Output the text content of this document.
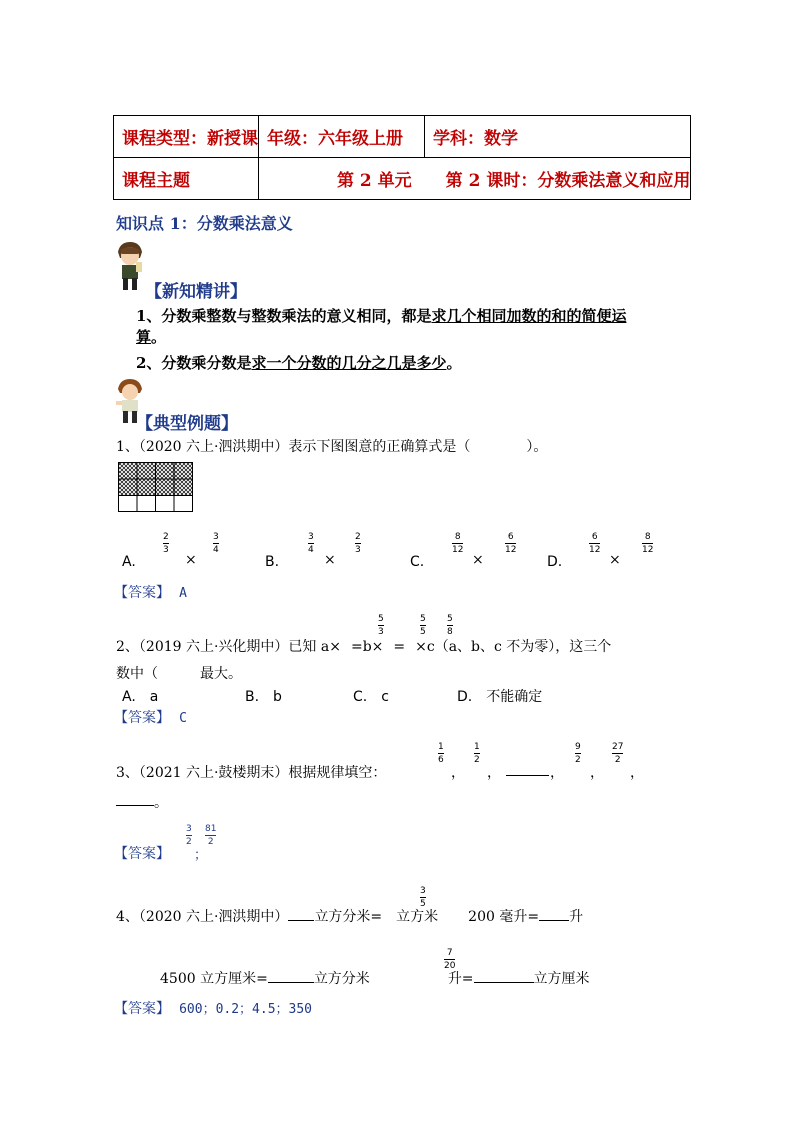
课程类型：新授课	年级：六年级上册	学科：数学
课程主题	第 2 单元　　第 2 课时：分数乘法意义和应用	
知识点 1：分数乘法意义
【新知精讲】
1、分数乘整数与整数乘法的意义相同，都是求几个相同加数的和的简便运
算。
2、分数乘分数是求一个分数的几分之几是多少。
【典型例题】
1、（2020 六上·泗洪期中）表示下图图意的正确算式是（　　　　）。
A.
2
3
×
3
4
B.
3
4
×
2
3
C.
8
12
×
6
12
D.
6
12
×
8
12
【答案】 A
2、（2019 六上·兴化期中）已知 a× =b× = ×c（a、b、c 不为零），这三个
5
3
5
5
5
8
数中（　　　最大。
A.　a	B.　b	C.　c	D.　不能确定
【答案】 C
3、（2021 六上·鼓楼期末）根据规律填空：
1
6
，
1
2
，	，
9
2
，
27
2
，
。
【答案】
3
2
；
81
2
4、（2020 六上·泗洪期中） 立方分米= 立方米 200 毫升= 升
3
5
4500 立方厘米=	立方分米	升=	立方厘米
7
20
【答案】 600；0.2；4.5；350
